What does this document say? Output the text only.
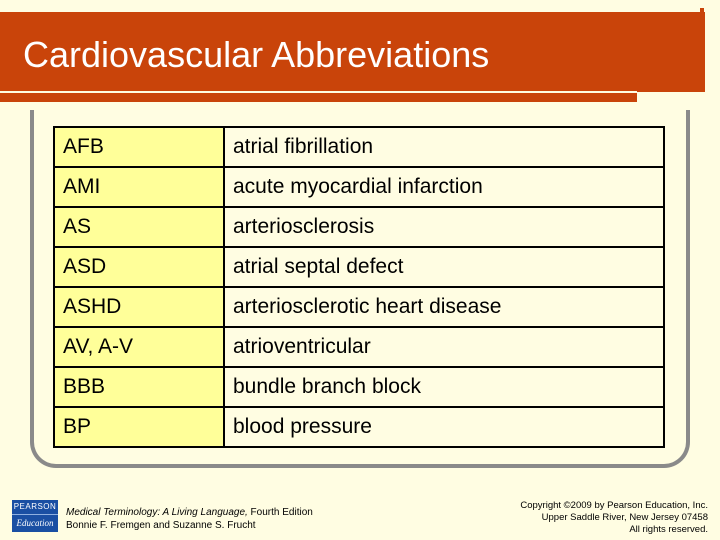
Cardiovascular Abbreviations
AFB	atrial fibrillation
AMI	acute myocardial infarction
AS	arteriosclerosis
ASD	atrial septal defect
ASHD	arteriosclerotic heart disease
AV, A-V	atrioventricular
BBB	bundle branch block
BP	blood pressure
PEARSON
Education
Medical Terminology: A Living Language, Fourth Edition
Bonnie F. Fremgen and Suzanne S. Frucht
Copyright ©2009 by Pearson Education, Inc.
Upper Saddle River, New Jersey 07458
All rights reserved.
